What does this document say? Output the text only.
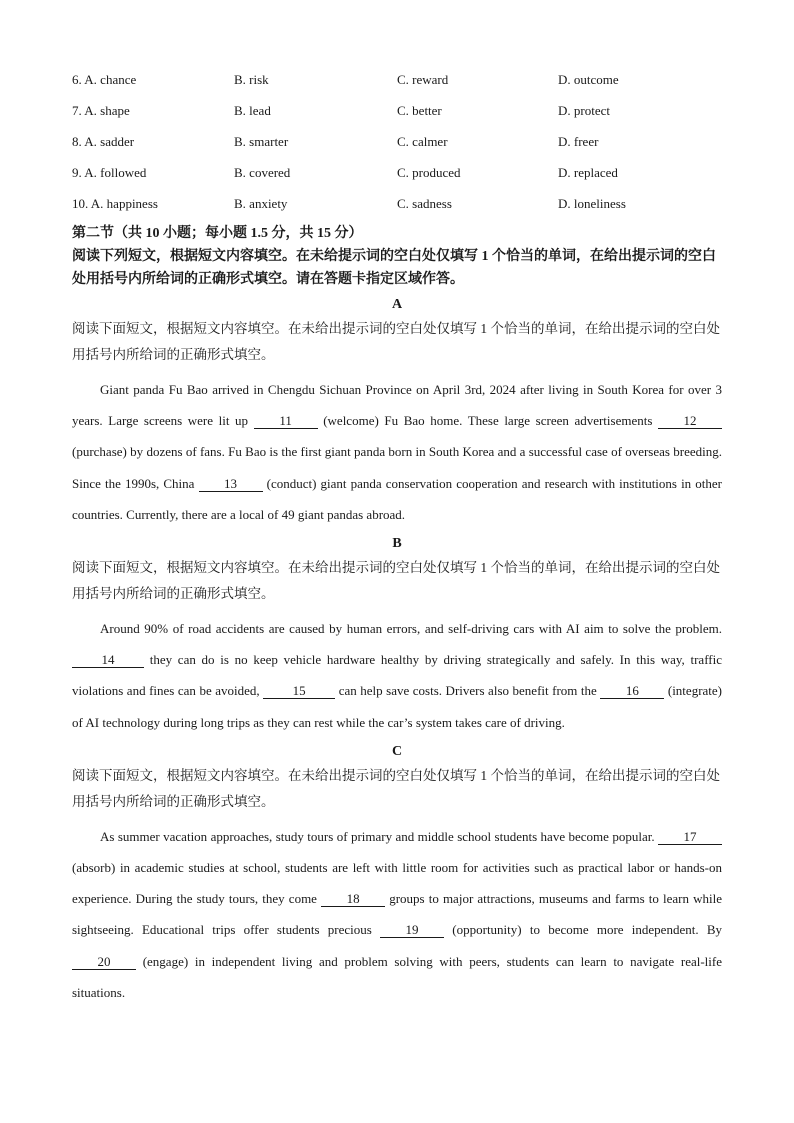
6. A. chance	B. risk	C. reward	D. outcome
7. A. shape	B. lead	C. better	D. protect
8. A. sadder	B. smarter	C. calmer	D. freer
9. A. followed	B. covered	C. produced	D. replaced
10. A. happiness	B. anxiety	C. sadness	D. loneliness
第二节（共 10 小题；每小题 1.5 分，共 15 分）
阅读下列短文，根据短文内容填空。在未给提示词的空白处仅填写 1 个恰当的单词，在给出提示词的空白处用括号内所给词的正确形式填空。请在答题卡指定区域作答。
A
阅读下面短文，根据短文内容填空。在未给出提示词的空白处仅填写 1 个恰当的单词，在给出提示词的空白处用括号内所给词的正确形式填空。
Giant panda Fu Bao arrived in Chengdu Sichuan Province on April 3rd, 2024 after living in South Korea for over 3 years. Large screens were lit up 11 (welcome) Fu Bao home. These large screen advertisements 12 (purchase) by dozens of fans. Fu Bao is the first giant panda born in South Korea and a successful case of overseas breeding. Since the 1990s, China 13 (conduct) giant panda conservation cooperation and research with institutions in other countries. Currently, there are a local of 49 giant pandas abroad.
B
阅读下面短文，根据短文内容填空。在未给出提示词的空白处仅填写 1 个恰当的单词，在给出提示词的空白处用括号内所给词的正确形式填空。
Around 90% of road accidents are caused by human errors, and self-driving cars with AI aim to solve the problem. 14 they can do is no keep vehicle hardware healthy by driving strategically and safely. In this way, traffic violations and fines can be avoided, 15 can help save costs. Drivers also benefit from the 16 (integrate) of AI technology during long trips as they can rest while the car’s system takes care of driving.
C
阅读下面短文，根据短文内容填空。在未给出提示词的空白处仅填写 1 个恰当的单词，在给出提示词的空白处用括号内所给词的正确形式填空。
As summer vacation approaches, study tours of primary and middle school students have become popular. 17 (absorb) in academic studies at school, students are left with little room for activities such as practical labor or hands-on experience. During the study tours, they come 18 groups to major attractions, museums and farms to learn while sightseeing. Educational trips offer students precious 19 (opportunity) to become more independent. By 20 (engage) in independent living and problem solving with peers, students can learn to navigate real-life situations.
